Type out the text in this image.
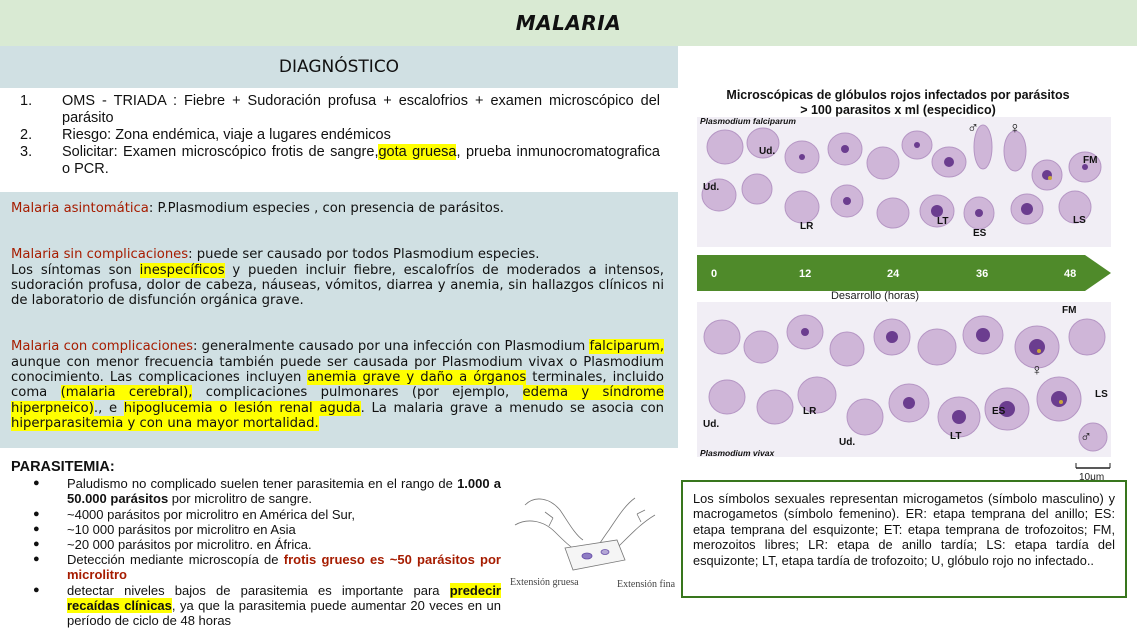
MALARIA
DIAGNÓSTICO
1.	OMS - TRIADA : Fiebre + Sudoración profusa + escalofrios + examen microscópico del parásito
2.	Riesgo: Zona endémica, viaje a lugares endémicos
3.	Solicitar: Examen microscópico frotis de sangre,gota gruesa, prueba inmunocromatografica o PCR.

Malaria asintomática: P.Plasmodium especies , con presencia de parásitos.

Malaria sin complicaciones: puede ser causado por todos Plasmodium especies.
Los síntomas son inespecíficos y pueden incluir fiebre, escalofríos de moderados a intensos, sudoración profusa, dolor de cabeza, náuseas, vómitos, diarrea y anemia, sin hallazgos clínicos ni de laboratorio de disfunción orgánica grave.

Malaria con complicaciones: generalmente causado por una infección con Plasmodium falciparum, aunque con menor frecuencia también puede ser causada por Plasmodium vivax o Plasmodium conocimiento. Las complicaciones incluyen anemia grave y daño a órganos terminales, incluido coma (malaria cerebral), complicaciones pulmonares (por ejemplo, edema y síndrome hiperpneico)., e hipoglucemia o lesión renal aguda. La malaria grave a menudo se asocia con hiperparasitemia y con una mayor mortalidad.

PARASITEMIA:
●	Paludismo no complicado suelen tener parasitemia en el rango de 1.000 a 50.000 parásitos por microlitro de sangre.
●	~4000 parásitos por microlitro en América del Sur,
●	~10 000 parásitos por microlitro en Asia
●	~20 000 parásitos por microlitro. en África.
●	Detección mediante microscopía de frotis grueso es ~50 parásitos por microlitro
●	detectar niveles bajos de parasitemia es importante para predecir recaídas clínicas, ya que la parasitemia puede aumentar 20 veces en un período de ciclo de 48 horas
Extensión gruesa	Extensión fina
Microscópicas de glóbulos rojos infectados por parásitos
> 100 parasitos x ml (especidico)
Plasmodium falciparum
Ud.
Ud.
LR	LT
ES
FM
LS
♂ ♀
0	12	24	36	48
Desarrollo (horas)
FM
♀
LS
LR	ES
Ud.
LT
Ud.	♂
Plasmodium vivax
10μm
Los símbolos sexuales representan microgametos (símbolo masculino) y macrogametos (símbolo femenino). ER: etapa temprana del anillo; ES: etapa temprana del esquizonte; ET: etapa temprana de trofozoitos; FM, merozoitos libres; LR: etapa de anillo tardía; LS: etapa tardía del esquizonte; LT, etapa tardía de trofozoito; U, glóbulo rojo no infectado..
